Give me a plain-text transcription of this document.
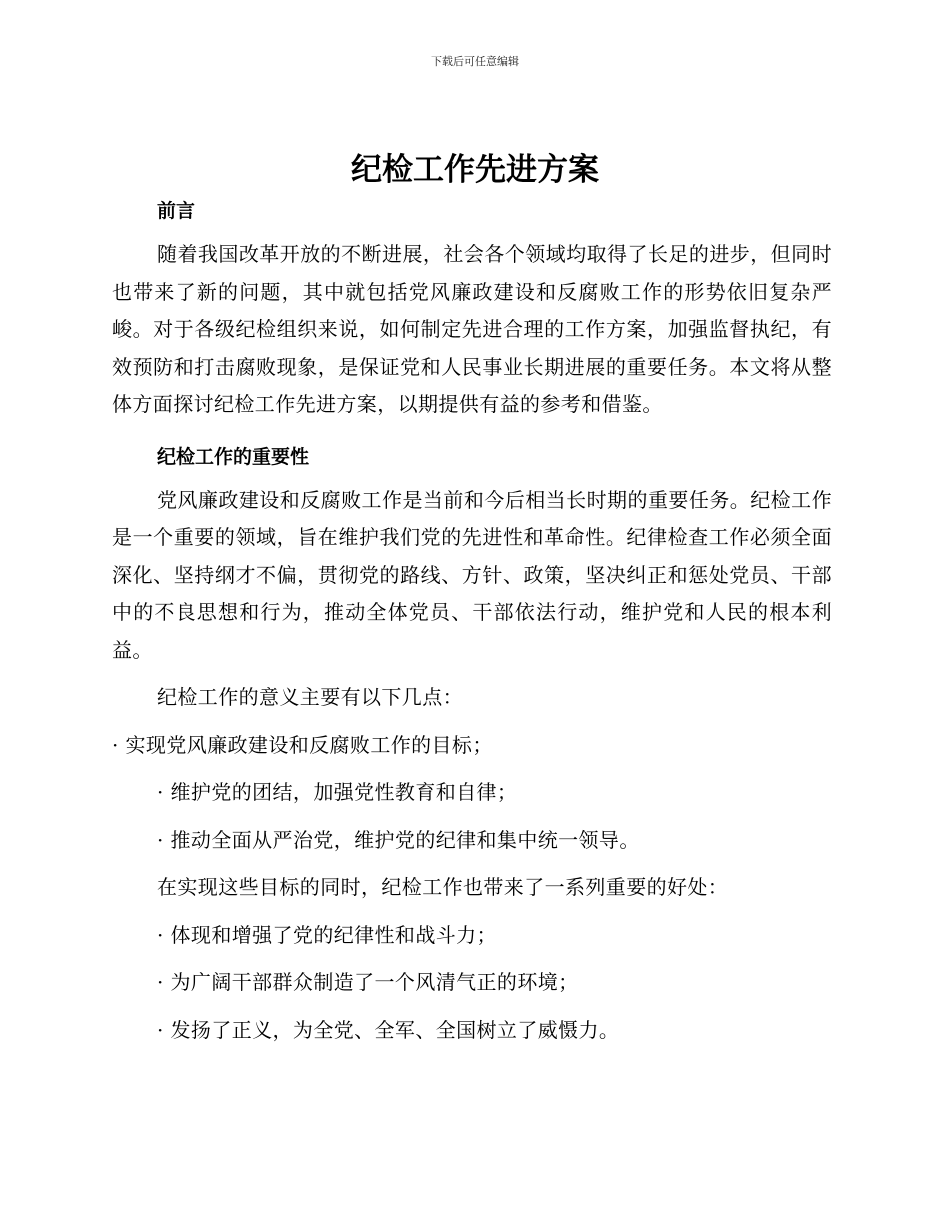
下载后可任意编辑
纪检工作先进方案
前言

随着我国改革开放的不断进展，社会各个领域均取得了长足的进步，但同时也带来了新的问题，其中就包括党风廉政建设和反腐败工作的形势依旧复杂严峻。对于各级纪检组织来说，如何制定先进合理的工作方案，加强监督执纪，有效预防和打击腐败现象，是保证党和人民事业长期进展的重要任务。本文将从整体方面探讨纪检工作先进方案，以期提供有益的参考和借鉴。

纪检工作的重要性

党风廉政建设和反腐败工作是当前和今后相当长时期的重要任务。纪检工作是一个重要的领域，旨在维护我们党的先进性和革命性。纪律检查工作必须全面深化、坚持纲才不偏，贯彻党的路线、方针、政策，坚决纠正和惩处党员、干部中的不良思想和行为，推动全体党员、干部依法行动，维护党和人民的根本利益。

纪检工作的意义主要有以下几点：

· 实现党风廉政建设和反腐败工作的目标；

· 维护党的团结，加强党性教育和自律；

· 推动全面从严治党，维护党的纪律和集中统一领导。

在实现这些目标的同时，纪检工作也带来了一系列重要的好处：

· 体现和增强了党的纪律性和战斗力；

· 为广阔干部群众制造了一个风清气正的环境；

· 发扬了正义，为全党、全军、全国树立了威慑力。
